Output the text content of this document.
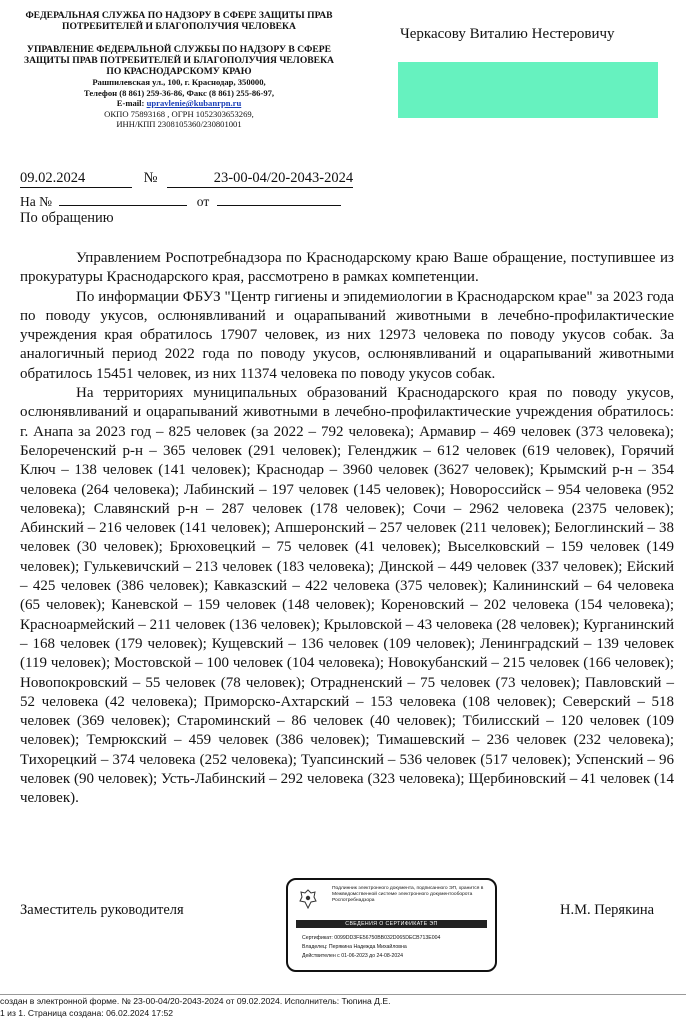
ФЕДЕРАЛЬНАЯ СЛУЖБА ПО НАДЗОРУ В СФЕРЕ ЗАЩИТЫ ПРАВ ПОТРЕБИТЕЛЕЙ И БЛАГОПОЛУЧИЯ ЧЕЛОВЕКА
УПРАВЛЕНИЕ ФЕДЕРАЛЬНОЙ СЛУЖБЫ ПО НАДЗОРУ В СФЕРЕ ЗАЩИТЫ ПРАВ ПОТРЕБИТЕЛЕЙ И БЛАГОПОЛУЧИЯ ЧЕЛОВЕКА ПО КРАСНОДАРСКОМУ КРАЮ
Рашпилевская ул., 100, г. Краснодар, 350000,
Телефон (8 861) 259-36-86, Факс (8 861) 255-86-97,
E-mail: upravlenie@kubanrpn.ru
ОКПО 75893168 , ОГРН 1052303653269,
ИНН/КПП 2308105360/230801001
Черкасову Виталию Нестеровичу
09.02.2024	№	23-00-04/20-2043-2024
На №	от
По обращению

Управлением Роспотребнадзора по Краснодарскому краю Ваше обращение, поступившее из прокуратуры Краснодарского края, рассмотрено в рамках компетенции.

По информации ФБУЗ "Центр гигиены и эпидемиологии в Краснодарском крае" за 2023 года по поводу укусов, ослюнявливаний и оцарапываний животными в лечебно-профилактические учреждения края обратилось 17907 человек, из них 12973 человека по поводу укусов собак. За аналогичный период 2022 года по поводу укусов, ослюнявливаний и оцарапываний животными обратилось 15451 человек, из них 11374 человека по поводу укусов собак.

На территориях муниципальных образований Краснодарского края по поводу укусов, ослюнявливаний и оцарапываний животными в лечебно-профилактические учреждения обратилось: г. Анапа за 2023 год – 825 человек (за 2022 – 792 человека); Армавир – 469 человек (373 человека); Белореченский р-н – 365 человек (291 человек); Геленджик – 612 человек (619 человек), Горячий Ключ – 138 человек (141 человек); Краснодар – 3960 человек (3627 человек); Крымский р-н – 354 человека (264 человека); Лабинский – 197 человек (145 человек); Новороссийск – 954 человека (952 человека); Славянский р-н – 287 человек (178 человек); Сочи – 2962 человека (2375 человек); Абинский – 216 человек (141 человек); Апшеронский – 257 человек (211 человек); Белоглинский – 38 человек (30 человек); Брюховецкий – 75 человек (41 человек); Выселковский – 159 человек (149 человек); Гулькевичский – 213 человек (183 человека); Динской – 449 человек (337 человек); Ейский – 425 человек (386 человек); Кавказский – 422 человека (375 человек); Калининский – 64 человека (65 человек); Каневской – 159 человек (148 человек); Кореновский – 202 человека (154 человека); Красноармейский – 211 человек (136 человек); Крыловской – 43 человека (28 человек); Курганинский – 168 человек (179 человек); Кущевский – 136 человек (109 человек); Ленинградский – 139 человек (119 человек); Мостовской – 100 человек (104 человека); Новокубанский – 215 человек (166 человек); Новопокровский – 55 человек (78 человек); Отрадненский – 75 человек (73 человек); Павловский – 52 человека (42 человека); Приморско-Ахтарский – 153 человека (108 человек); Северский – 518 человек (369 человек); Староминский – 86 человек (40 человек); Тбилисский – 120 человек (109 человек); Темрюкский – 459 человек (386 человек); Тимашевский – 236 человек (232 человека); Тихорецкий – 374 человека (252 человека); Туапсинский – 536 человек (517 человек); Успенский – 96 человек (90 человек); Усть-Лабинский – 292 человека (323 человека); Щербиновский – 41 человек (14 человек).

Заместитель руководителя	Н.М. Перякина
Подлинник электронного документа, подписанного ЭП, хранится в Межведомственной системе электронного документооборота Роспотребнадзора
СВЕДЕНИЯ О СЕРТИФИКАТЕ ЭП
Сертификат: 0099DD3FE56750BB032D065DECB713E004
Владелец: Перякина Надежда Михайловна
Действителен с 01-06-2023 до 24-08-2024
создан в электронной форме. № 23-00-04/20-2043-2024 от 09.02.2024. Исполнитель: Тюпина Д.Е.
1 из 1. Страница создана: 06.02.2024 17:52
